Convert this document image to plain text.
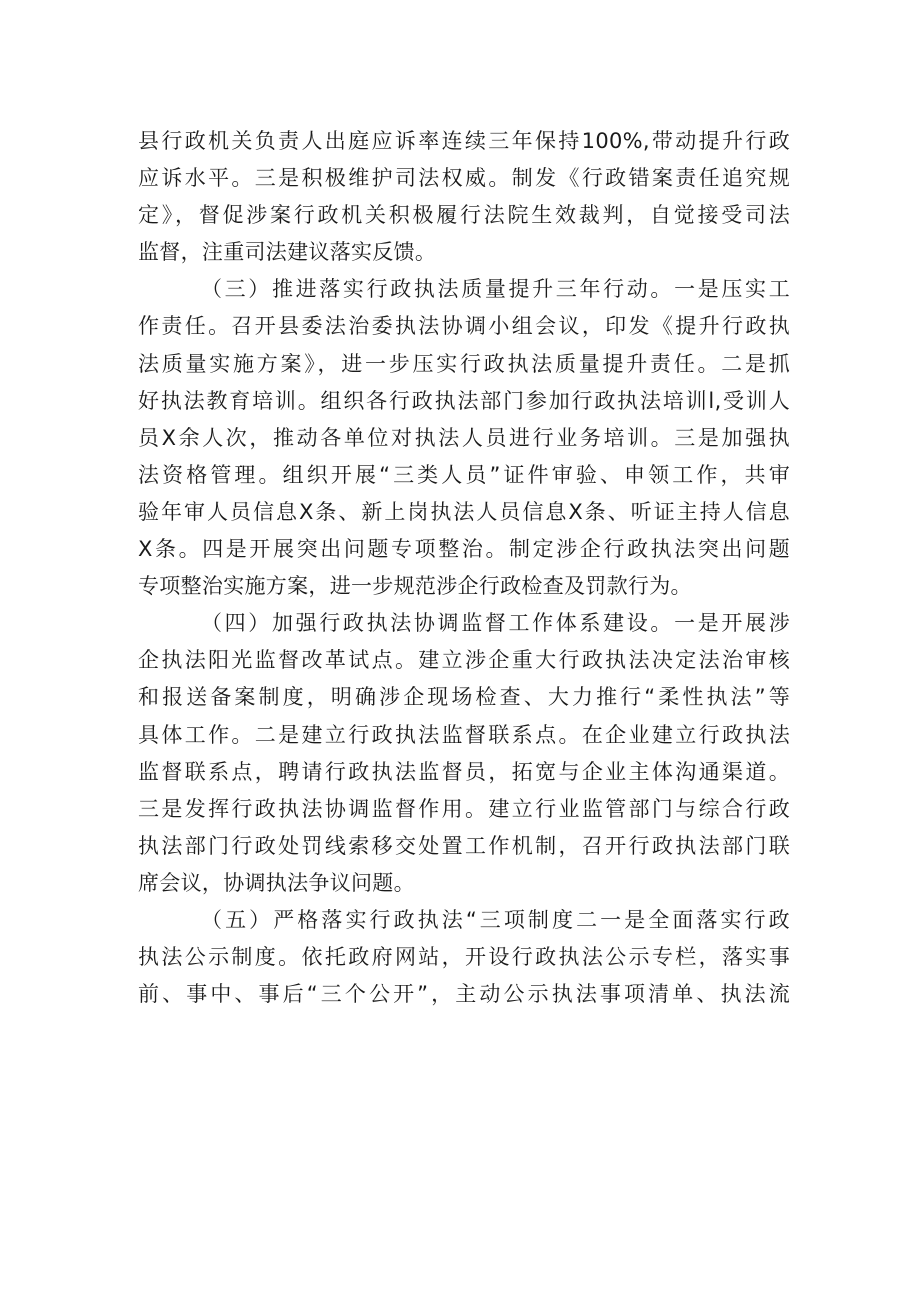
县行政机关负责人出庭应诉率连续三年保持100%,带动提升行政
应诉水平。三是积极维护司法权威。制发《行政错案责任追究规
定》，督促涉案行政机关积极履行法院生效裁判，自觉接受司法
监督，注重司法建议落实反馈。
（三）推进落实行政执法质量提升三年行动。一是压实工
作责任。召开县委法治委执法协调小组会议，印发《提升行政执
法质量实施方案》，进一步压实行政执法质量提升责任。二是抓
好执法教育培训。组织各行政执法部门参加行政执法培训l,受训人
员X余人次，推动各单位对执法人员进行业务培训。三是加强执
法资格管理。组织开展“三类人员”证件审验、申领工作，共审
验年审人员信息X条、新上岗执法人员信息X条、听证主持人信息
X条。四是开展突出问题专项整治。制定涉企行政执法突出问题
专项整治实施方案，进一步规范涉企行政检查及罚款行为。
（四）加强行政执法协调监督工作体系建设。一是开展涉
企执法阳光监督改革试点。建立涉企重大行政执法决定法治审核
和报送备案制度，明确涉企现场检查、大力推行“柔性执法”等
具体工作。二是建立行政执法监督联系点。在企业建立行政执法
监督联系点，聘请行政执法监督员，拓宽与企业主体沟通渠道。
三是发挥行政执法协调监督作用。建立行业监管部门与综合行政
执法部门行政处罚线索移交处置工作机制，召开行政执法部门联
席会议，协调执法争议问题。
（五）严格落实行政执法“三项制度二一是全面落实行政
执法公示制度。依托政府网站，开设行政执法公示专栏，落实事
前、事中、事后“三个公开”，主动公示执法事项清单、执法流
